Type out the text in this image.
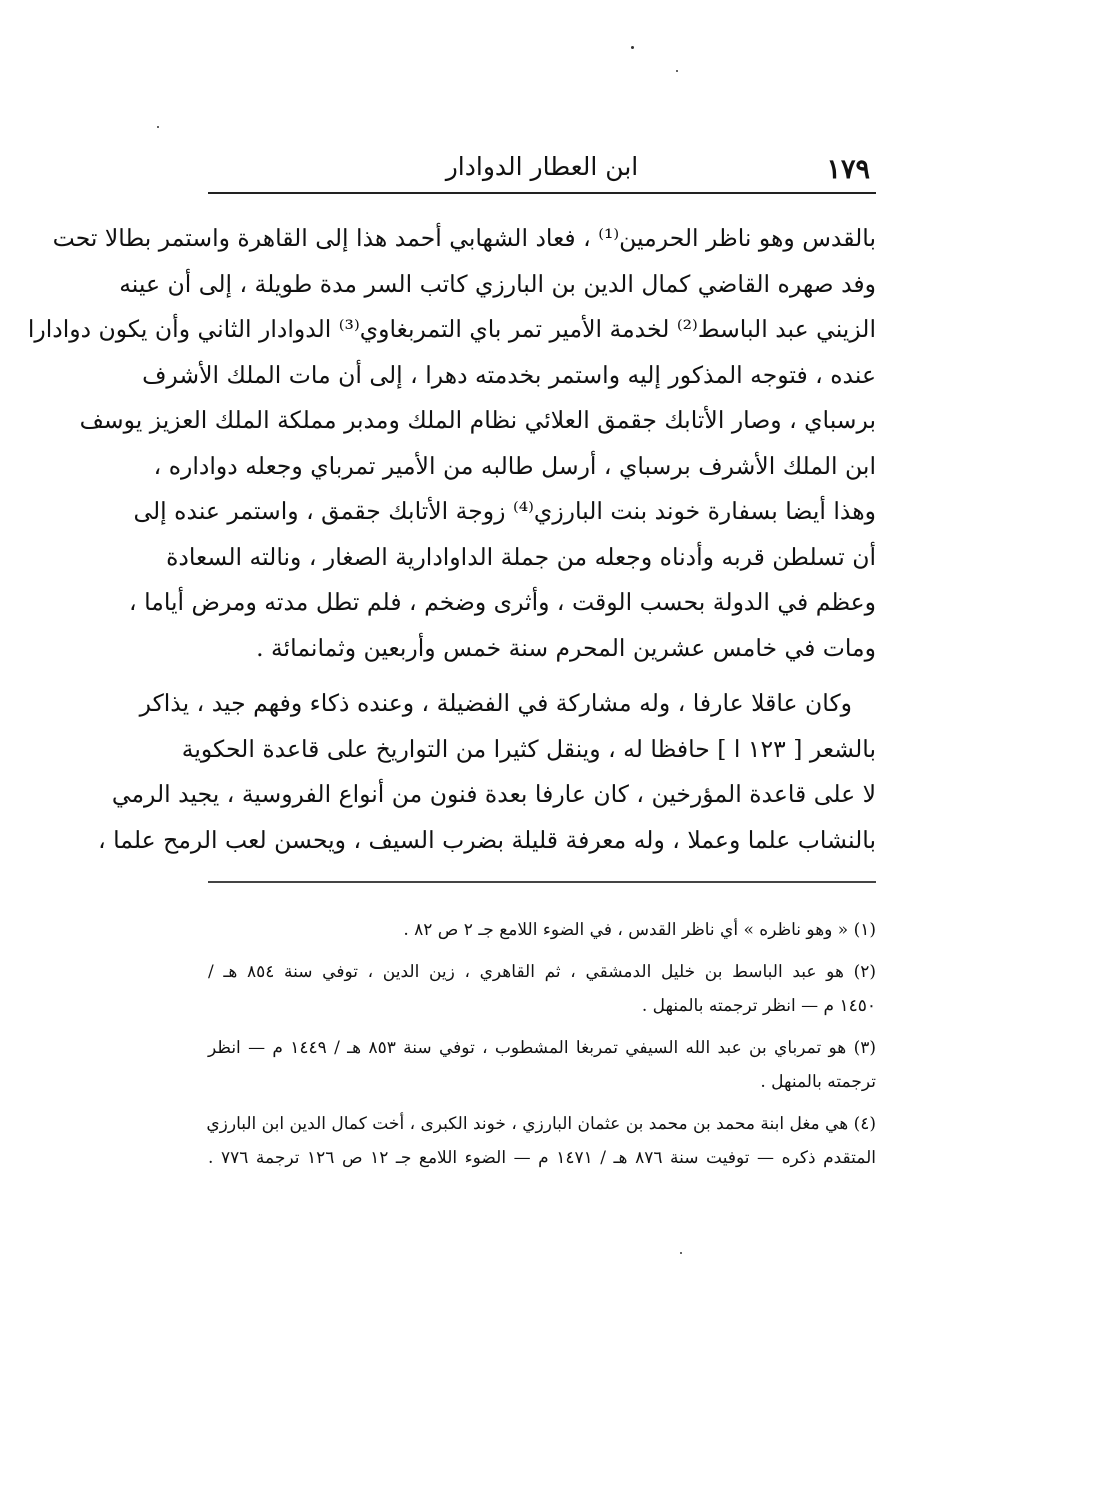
١٧٩
ابن العطار الدوادار
بالقدس وهو ناظر الحرمين⁽¹⁾ ، فعاد الشهابي أحمد هذا إلى القاهرة واستمر بطالا تحت
وفد صهره القاضي كمال الدين بن البارزي كاتب السر مدة طويلة ، إلى أن عينه
الزيني عبد الباسط⁽²⁾ لخدمة الأمير تمر باي التمربغاوي⁽³⁾ الدوادار الثاني وأن يكون دوادارا
عنده ، فتوجه المذكور إليه واستمر بخدمته دهرا ، إلى أن مات الملك الأشرف
برسباي ، وصار الأتابك جقمق العلائي نظام الملك ومدبر مملكة الملك العزيز يوسف
ابن الملك الأشرف برسباي ، أرسل طالبه من الأمير تمرباي وجعله دواداره ،
وهذا أيضا بسفارة خوند بنت البارزي⁽⁴⁾ زوجة الأتابك جقمق ، واستمر عنده إلى
أن تسلطن قربه وأدناه وجعله من جملة الداوادارية الصغار ، ونالته السعادة
وعظم في الدولة بحسب الوقت ، وأثرى وضخم ، فلم تطل مدته ومرض أياما ،
ومات في خامس عشرين المحرم سنة خمس وأربعين وثمانمائة .
وكان عاقلا عارفا ، وله مشاركة في الفضيلة ، وعنده ذكاء وفهم جيد ، يذاكر
بالشعر [ ١٢٣ ا ] حافظا له ، وينقل كثيرا من التواريخ على قاعدة الحكوية
لا على قاعدة المؤرخين ، كان عارفا بعدة فنون من أنواع الفروسية ، يجيد الرمي
بالنشاب علما وعملا ، وله معرفة قليلة بضرب السيف ، ويحسن لعب الرمح علما ،
(١) « وهو ناظره » أي ناظر القدس ، في الضوء اللامع جـ ٢ ص ٨٢ .
(٢) هو عبد الباسط بن خليل الدمشقي ، ثم القاهري ، زين الدين ، توفي سنة ٨٥٤ هـ /
١٤٥٠ م — انظر ترجمته بالمنهل .
(٣) هو تمرباي بن عبد الله السيفي تمربغا المشطوب ، توفي سنة ٨٥٣ هـ / ١٤٤٩ م — انظر
ترجمته بالمنهل .
(٤) هي مغل ابنة محمد بن محمد بن عثمان البارزي ، خوند الكبرى ، أخت كمال الدين ابن البارزي
المتقدم ذكره — توفيت سنة ٨٧٦ هـ / ١٤٧١ م — الضوء اللامع جـ ١٢ ص ١٢٦ ترجمة ٧٧٦ .
